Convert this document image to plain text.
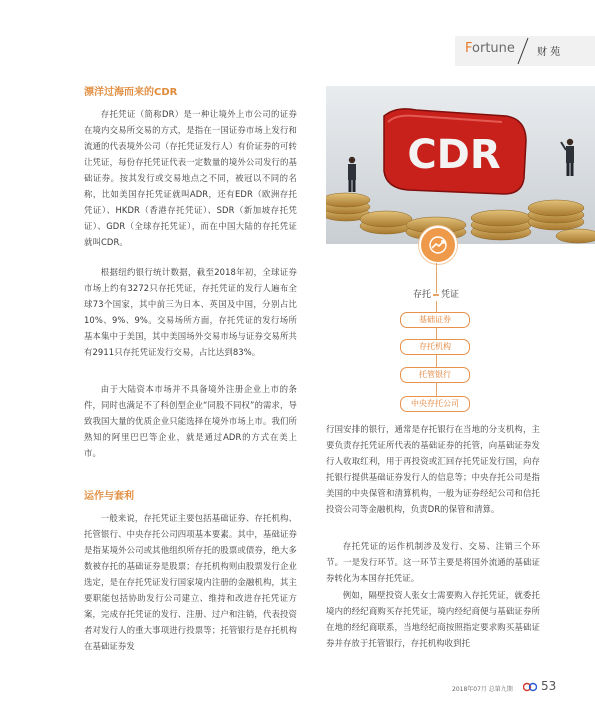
Fortune 财 苑
漂洋过海而来的CDR

存托凭证（简称DR）是一种让境外上市公司的证券在境内交易所交易的方式，是指在一国证券市场上发行和流通的代表境外公司（存托凭证发行人）有价证券的可转让凭证，每份存托凭证代表一定数量的境外公司发行的基础证券。按其发行或交易地点之不同，被冠以不同的名称，比如美国存托凭证就叫ADR，还有EDR（欧洲存托凭证）、HKDR（香港存托凭证）、SDR（新加坡存托凭证）、GDR（全球存托凭证），而在中国大陆的存托凭证就叫CDR。

根据纽约银行统计数据，截至2018年初，全球证券市场上约有3272只存托凭证，存托凭证的发行人遍布全球73个国家，其中前三为日本、英国及中国，分别占比10%、9%、9%。交易场所方面，存托凭证的发行场所基本集中于美国，其中美国场外交易市场与证券交易所共有2911只存托凭证发行交易，占比达到83%。

由于大陆资本市场并不具备境外注册企业上市的条件，同时也满足不了科创型企业“同股不同权”的需求，导致我国大量的优质企业只能选择在境外市场上市。我们所熟知的阿里巴巴等企业，就是通过ADR的方式在美上市。

运作与套利

一般来说，存托凭证主要包括基础证券、存托机构、托管银行、中央存托公司四项基本要素。其中，基础证券是指某境外公司或其他组织所存托的股票或债券，绝大多数被存托的基础证券是股票；存托机构则由股票发行企业选定，是在存托凭证发行国家境内注册的金融机构，其主要职能包括协助发行公司建立、维持和改进存托凭证方案，完成存托凭证的发行、注册、过户和注销，代表投资者对发行人的重大事项进行投票等；托管银行是存托机构在基础证券发

CDR
存托 凭证
基础证券
存托机构
托管银行
中央存托公司

行国安排的银行，通常是存托银行在当地的分支机构，主要负责存托凭证所代表的基础证券的托管，向基础证券发行人收取红利，用于再投资或汇回存托凭证发行国，向存托银行提供基础证券发行人的信息等；中央存托公司是指美国的中央保管和清算机构，一般为证券经纪公司和信托投资公司等金融机构，负责DR的保管和清算。

存托凭证的运作机制涉及发行、交易、注销三个环节。一是发行环节。这一环节主要是将国外流通的基础证券转化为本国存托凭证。

例如，隔壁投资人张女士需要购入存托凭证，就委托境内的经纪商购买存托凭证，境内经纪商便与基础证券所在地的经纪商联系，当地经纪商按照指定要求购买基础证券并存放于托管银行，存托机构收到托

2018年07月 总第九期 53
